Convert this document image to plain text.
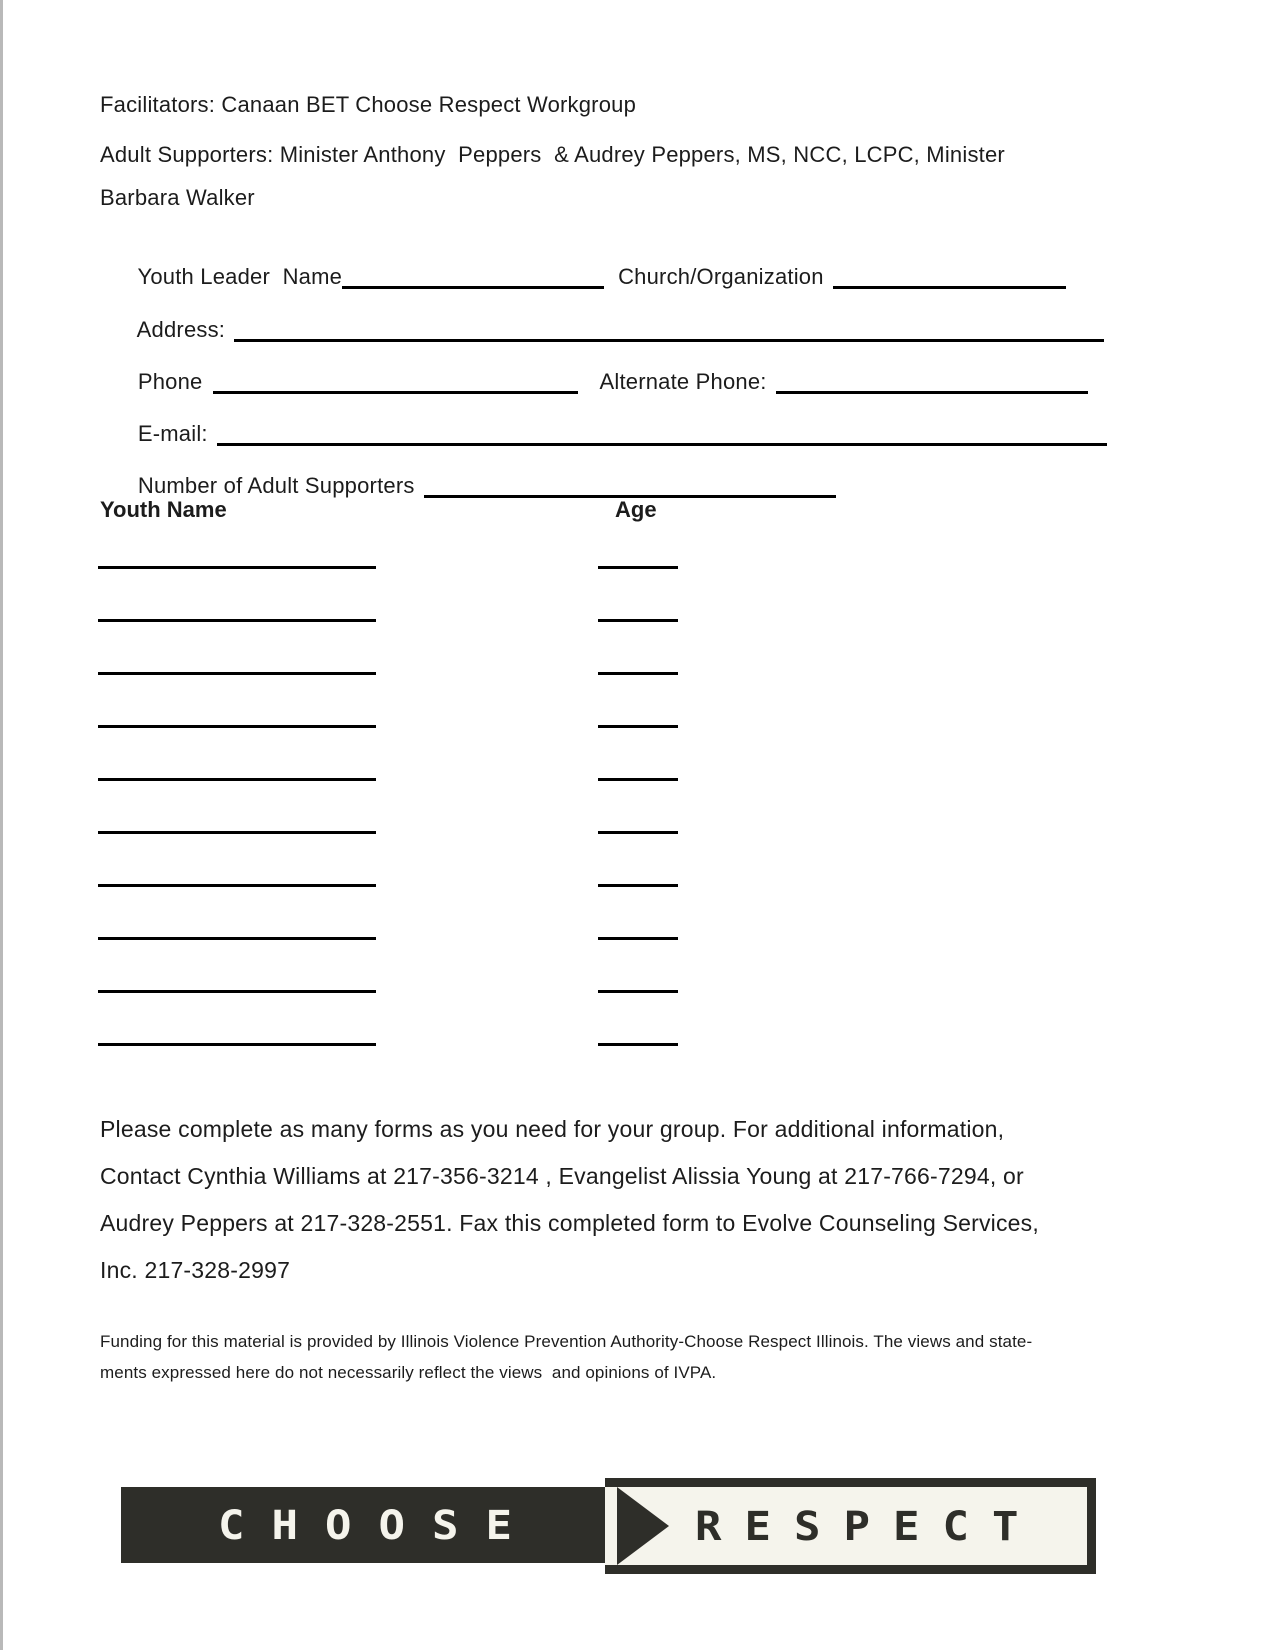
Facilitators: Canaan BET Choose Respect Workgroup
Adult Supporters: Minister Anthony  Peppers  & Audrey Peppers, MS, NCC, LCPC, Minister
Barbara Walker

Youth Leader  Name	Church/Organization

Address:

Phone	Alternate Phone:

E-mail:

Number of Adult Supporters

Youth Name	Age
Please complete as many forms as you need for your group. For additional information,
Contact Cynthia Williams at 217-356-3214 , Evangelist Alissia Young at 217-766-7294, or
Audrey Peppers at 217-328-2551. Fax this completed form to Evolve Counseling Services,
Inc. 217-328-2997
Funding for this material is provided by Illinois Violence Prevention Authority-Choose Respect Illinois. The views and state-
ments expressed here do not necessarily reflect the views  and opinions of IVPA.
CHOOSE	RESPECT
